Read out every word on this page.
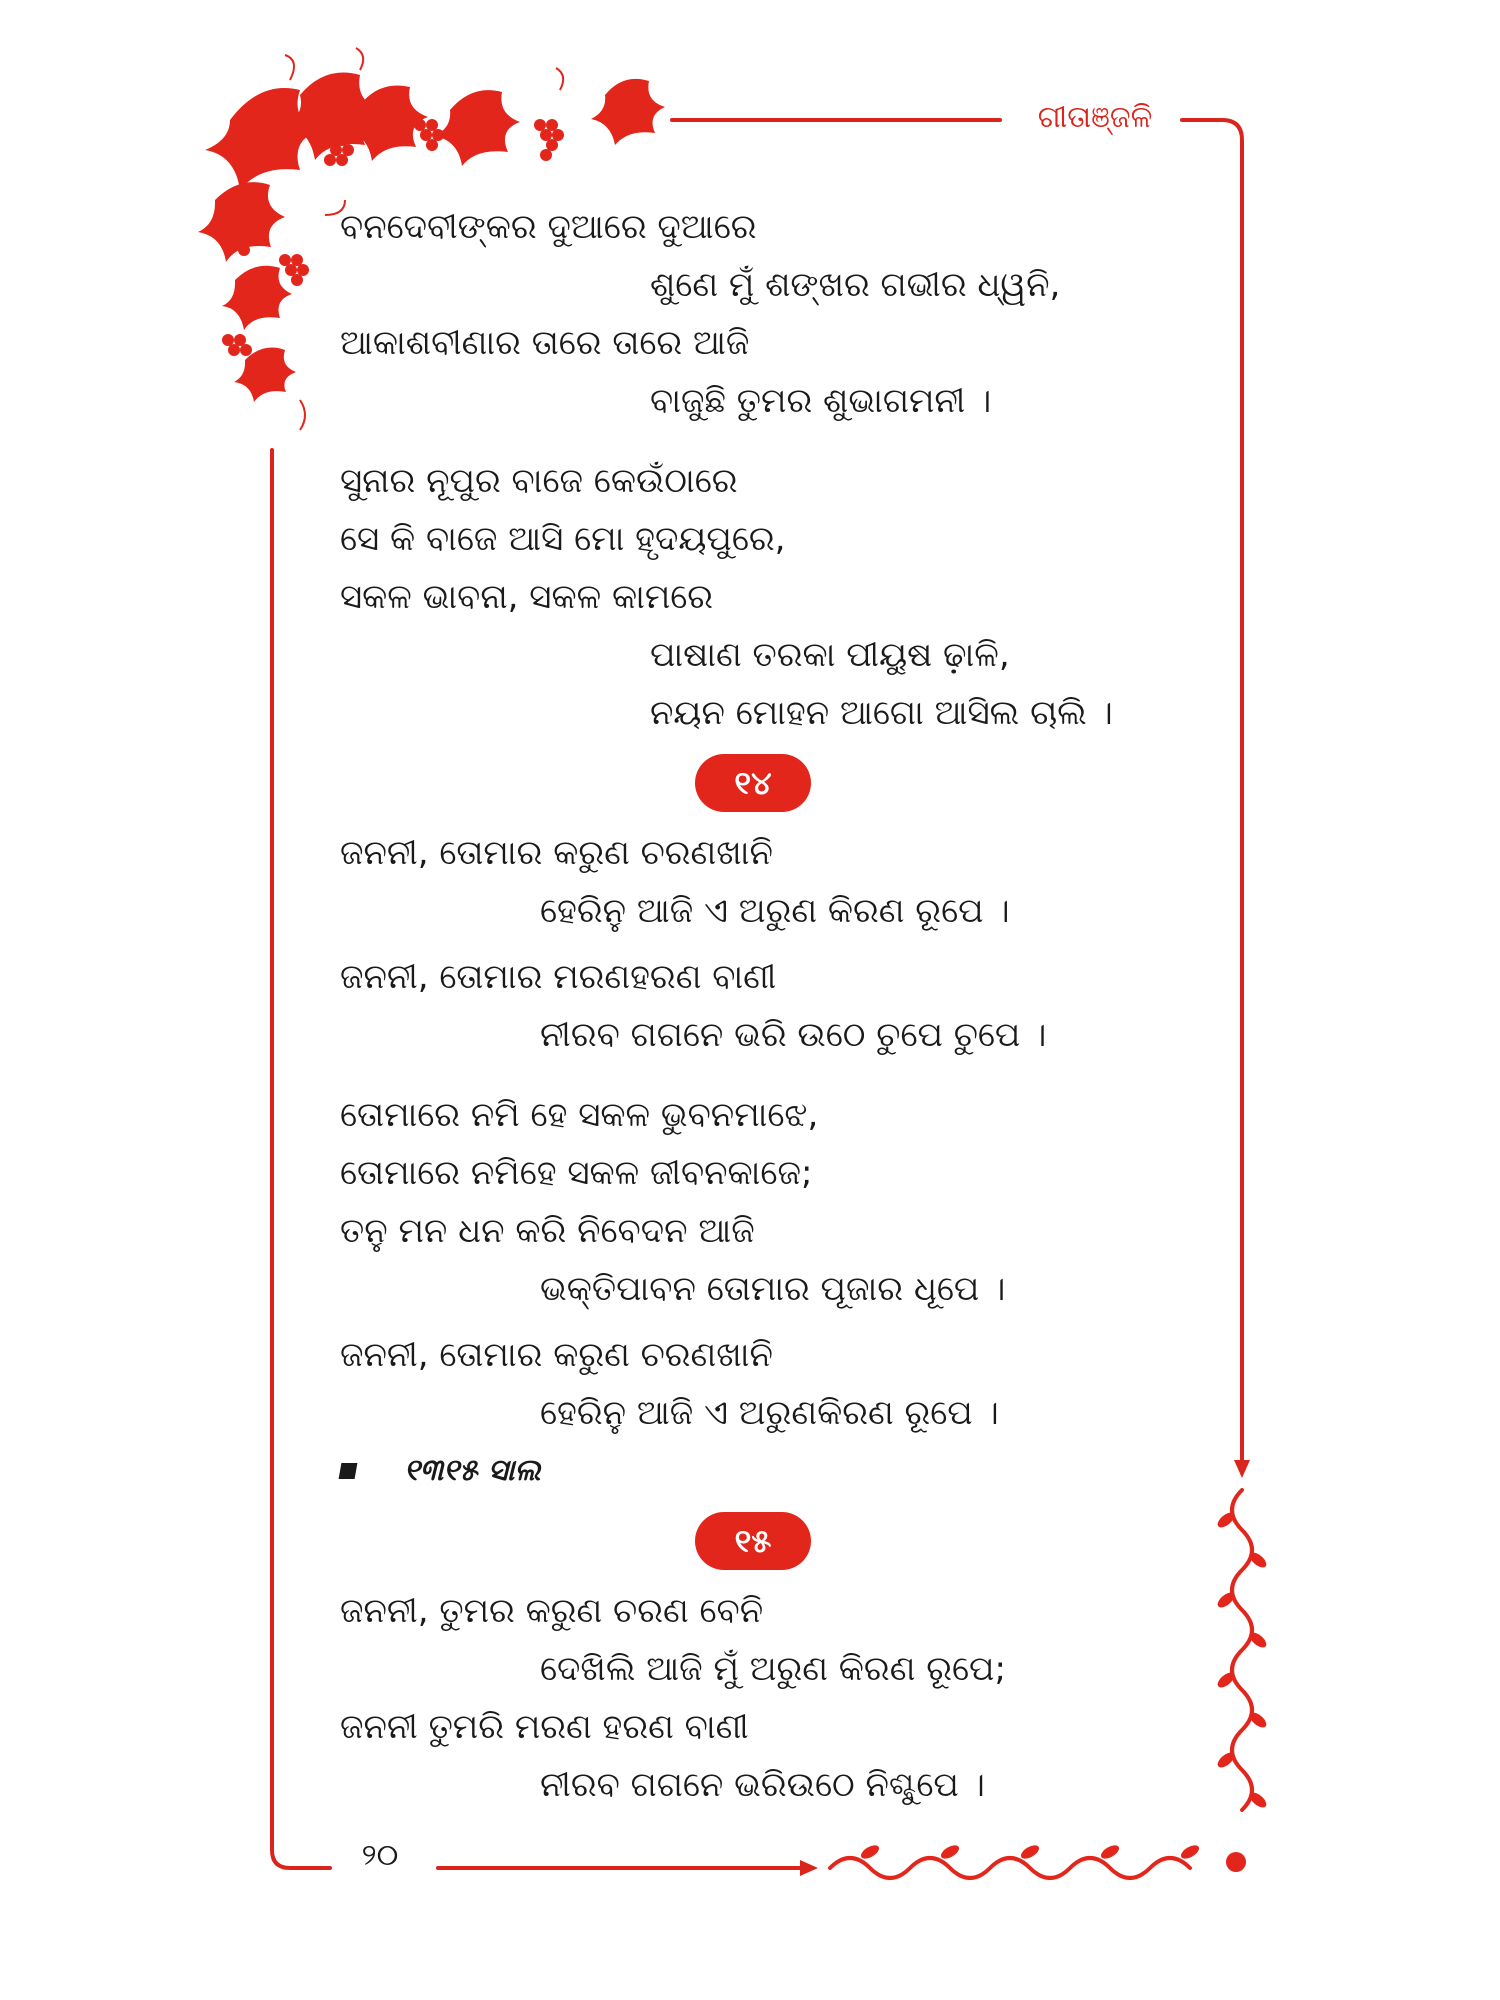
ଗୀତାଞ୍ଜଳି
ବନଦେବୀଙ୍କର ଦୁଆରେ ଦୁଆରେ
ଶୁଣେ ମୁଁ ଶଙ୍ଖର ଗଭୀର ଧ୍ୱନି,
ଆକାଶବୀଣାର ତାରେ ତାରେ ଆଜି
ବାଜୁଛି ତୁମର ଶୁଭାଗମନୀ ।
ସୁନାର ନୂପୁର ବାଜେ କେଉଁଠାରେ
ସେ କି ବାଜେ ଆସି ମୋ ହୃଦୟପୁରେ,
ସକଳ ଭାବନା, ସକଳ କାମରେ
ପାଷାଣ ତରକା ପୀୟୁଷ ଢ଼ାଳି,
ନୟନ ମୋହନ ଆଗୋ ଆସିଲ ଚାଲି ।
୧୪
ଜନନୀ, ତୋମାର କରୁଣ ଚରଣଖାନି
ହେରିନୁ ଆଜି ଏ ଅରୁଣ କିରଣ ରୂପେ ।
ଜନନୀ, ତୋମାର ମରଣହରଣ ବାଣୀ
ନୀରବ ଗଗନେ ଭରି ଉଠେ ଚୁପେ ଚୁପେ ।
ତୋମାରେ ନମି ହେ ସକଳ ଭୁବନମାଝେ,
ତୋମାରେ ନମିହେ ସକଳ ଜୀବନକାଜେ;
ତନୁ ମନ ଧନ କରି ନିବେଦନ ଆଜି
ଭକ୍ତିପାବନ ତୋମାର ପୂଜାର ଧୂପେ ।
ଜନନୀ, ତୋମାର କରୁଣ ଚରଣଖାନି
ହେରିନୁ ଆଜି ଏ ଅରୁଣକିରଣ ରୂପେ ।
୧୩୧୫ ସାଲ
୧୫
ଜନନୀ, ତୁମର କରୁଣ ଚରଣ ବେନି
ଦେଖିଲି ଆଜି ମୁଁ ଅରୁଣ କିରଣ ରୂପେ;
ଜନନୀ ତୁମରି ମରଣ ହରଣ ବାଣୀ
ନୀରବ ଗଗନେ ଭରିଉଠେ ନିଶ୍ଚୁପେ ।
୨୦
